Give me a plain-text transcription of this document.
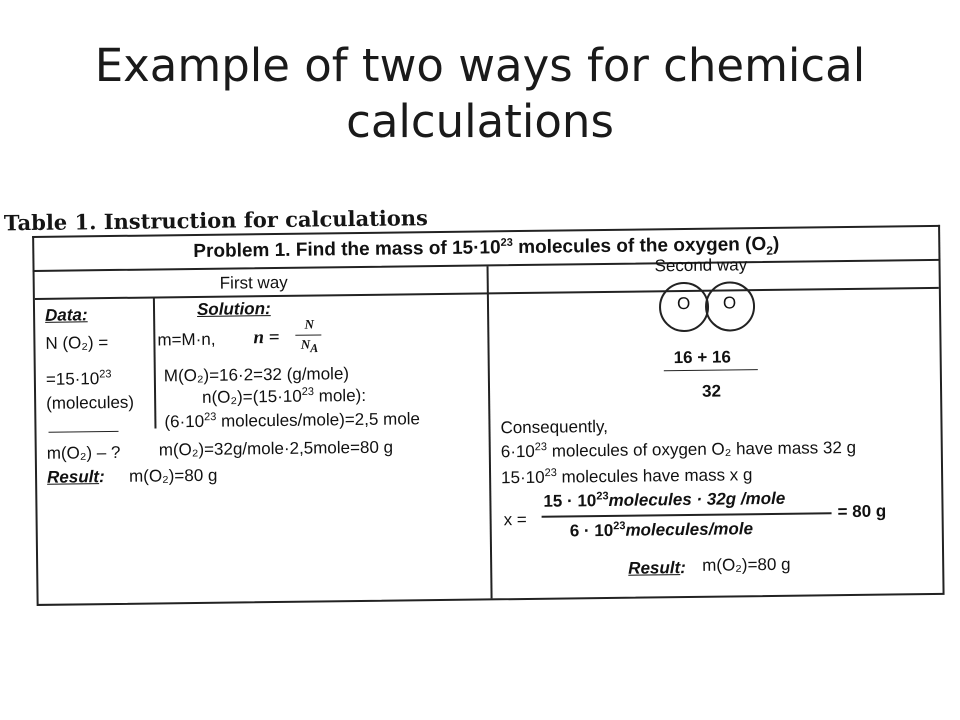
Example of two ways for chemical calculations
Table 1. Instruction for calculations
Problem 1. Find the mass of $15\cdot 10^{23}$ molecules of the oxygen $(O_2)$
First way
Second way
Data:	Solution:
N (O₂) =
$=15\cdot 10^{23}$
(molecules)
m(O₂) – ?
m=M·n, n =
N
$N_A$
M(O₂)=16·2=32 (g/mole)
$n(O_2)=(15\cdot 10^{23}$ mole):
($6\cdot 10^{23}$ molecules/mole)=2,5 mole
m(O₂)=32g/mole·2,5mole=80 g
Result: m(O₂)=80 g
O O
16 + 16
32
Consequently,
$6\cdot 10^{23}$ molecules of oxygen O₂ have mass 32 g
$15\cdot 10^{23}$ molecules have mass x g
x =
$15 \cdot 10^{23}molecules \cdot 32g$ /mole
$6 \cdot 10^{23}molecules$/mole
= 80 g
Result: m(O₂)=80 g
